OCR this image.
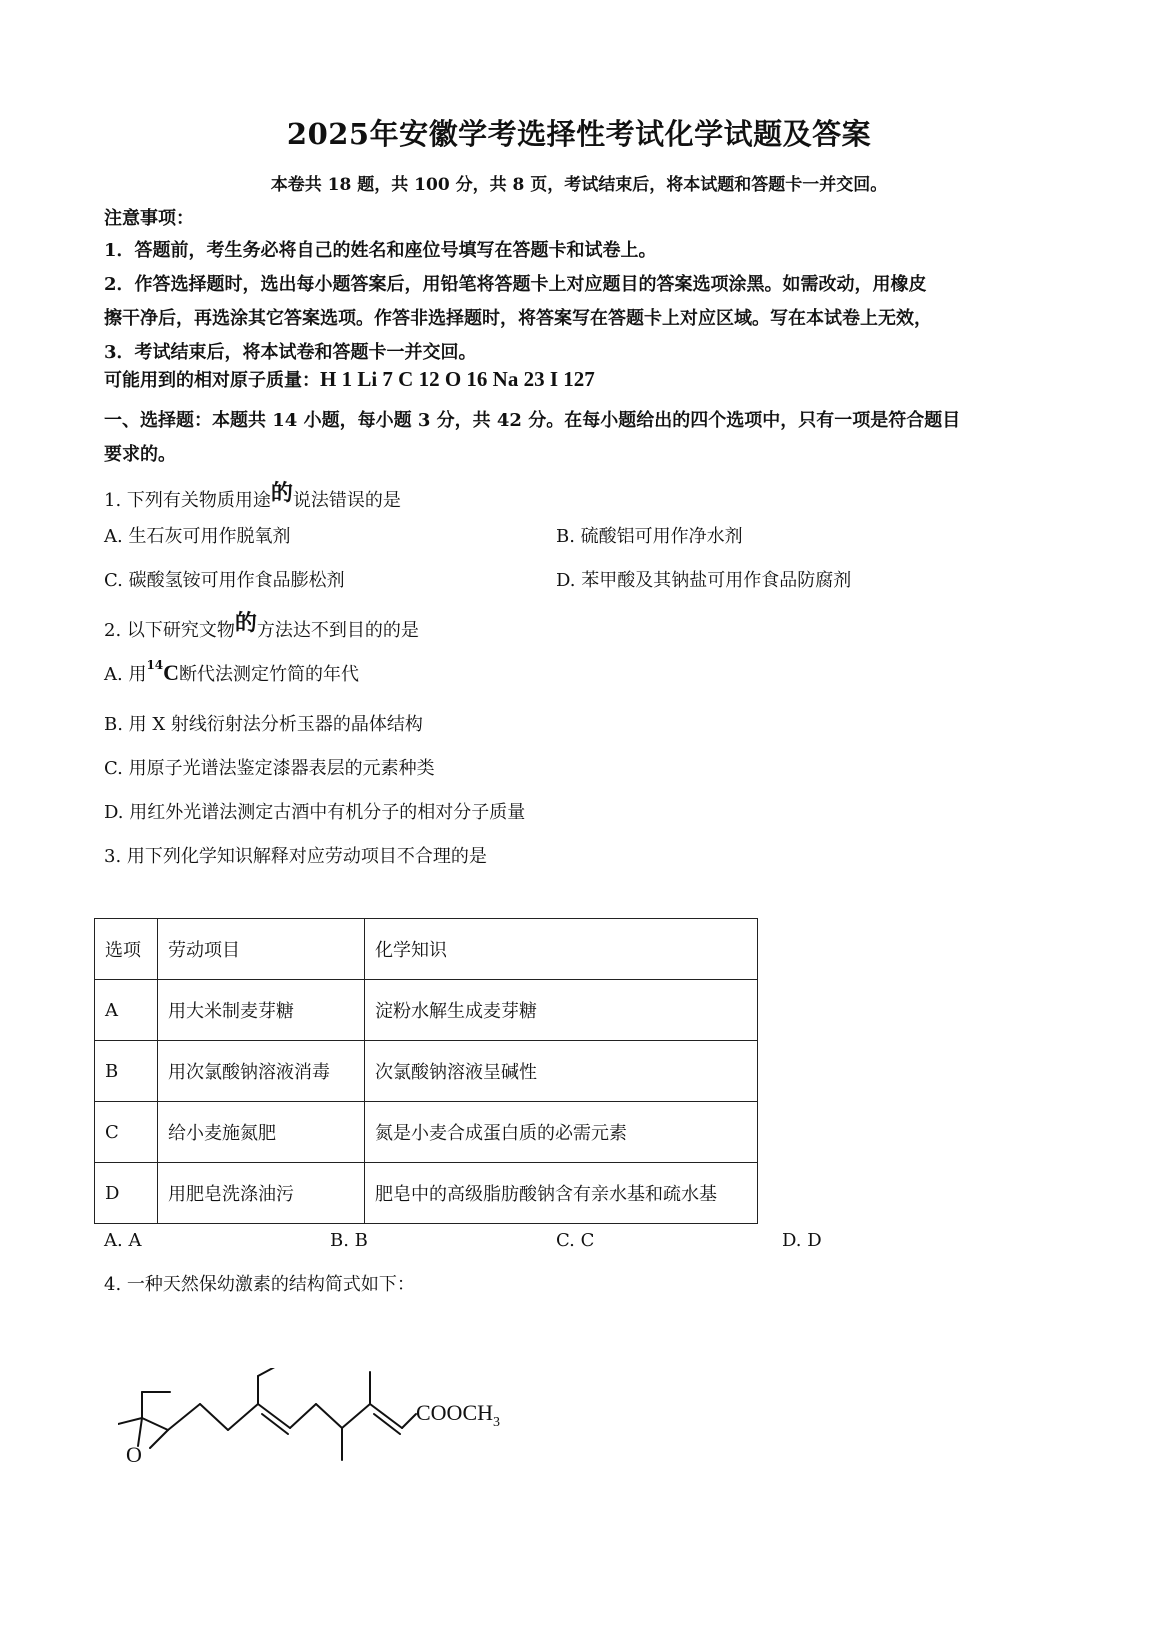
2025年安徽学考选择性考试化学试题及答案
本卷共 18 题，共 100 分，共 8 页，考试结束后，将本试题和答题卡一并交回。
注意事项：
1．答题前，考生务必将自己的姓名和座位号填写在答题卡和试卷上。
2．作答选择题时，选出每小题答案后，用铅笔将答题卡上对应题目的答案选项涂黑。如需改动，用橡皮
擦干净后，再选涂其它答案选项。作答非选择题时，将答案写在答题卡上对应区域。写在本试卷上无效，
3．考试结束后，将本试卷和答题卡一并交回。
可能用到的相对原子质量：H 1 Li 7 C 12 O 16 Na 23 I 127
一、选择题：本题共 14 小题，每小题 3 分，共 42 分。在每小题给出的四个选项中，只有一项是符合题目
要求的。
1. 下列有关物质用途的说法错误的是
A. 生石灰可用作脱氧剂	B. 硫酸铝可用作净水剂
C. 碳酸氢铵可用作食品膨松剂	D. 苯甲酸及其钠盐可用作食品防腐剂
2. 以下研究文物的方法达不到目的的是
A. 用$^{14}$C断代法测定竹简的年代
B. 用 X 射线衍射法分析玉器的晶体结构
C. 用原子光谱法鉴定漆器表层的元素种类
D. 用红外光谱法测定古酒中有机分子的相对分子质量
3. 用下列化学知识解释对应劳动项目不合理的是
选项	劳动项目	化学知识
A	用大米制麦芽糖	淀粉水解生成麦芽糖
B	用次氯酸钠溶液消毒	次氯酸钠溶液呈碱性
C	给小麦施氮肥	氮是小麦合成蛋白质的必需元素
D	用肥皂洗涤油污	肥皂中的高级脂肪酸钠含有亲水基和疏水基
A. A	B. B	C. C	D. D
4. 一种天然保幼激素的结构简式如下：
O
$COOCH_3$
